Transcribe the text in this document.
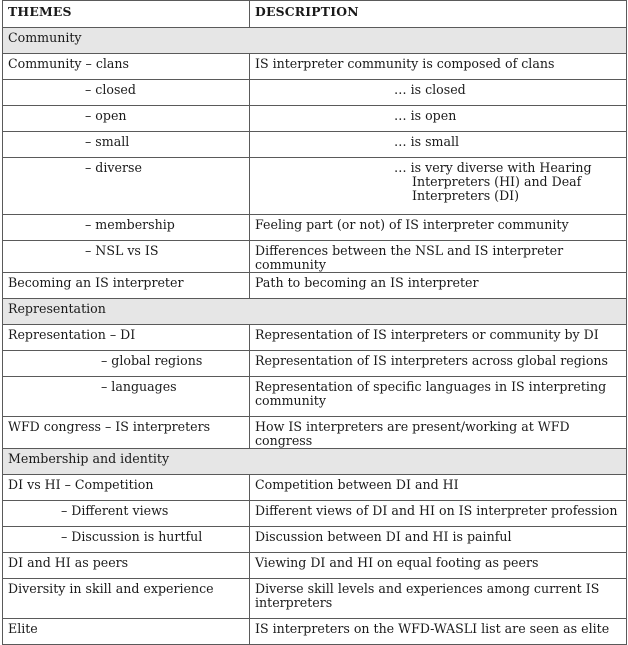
THEMES	DESCRIPTION
Community	
Community – clans	IS interpreter community is composed of clans
– closed	… is closed
– open	… is open
– small	… is small
– diverse	… is very diverse with Hearing Interpreters (HI) and Deaf Interpreters (DI)

– membership	Feeling part (or not) of IS interpreter community
– NSL vs IS	Differences between the NSL and IS interpreter community
Becoming an IS interpreter	Path to becoming an IS interpreter
Representation	
Representation – DI	Representation of IS interpreters or community by DI
– global regions	Representation of IS interpreters across global regions
– languages	Representation of specific languages in IS interpreting community
WFD congress – IS interpreters	How IS interpreters are present/working at WFD congress
Membership and identity	
DI vs HI – Competition	Competition between DI and HI
– Different views	Different views of DI and HI on IS interpreter profession
– Discussion is hurtful	Discussion between DI and HI is painful
DI and HI as peers	Viewing DI and HI on equal footing as peers
Diversity in skill and experience	Diverse skill levels and experiences among current IS interpreters
Elite	IS interpreters on the WFD-WASLI list are seen as elite
